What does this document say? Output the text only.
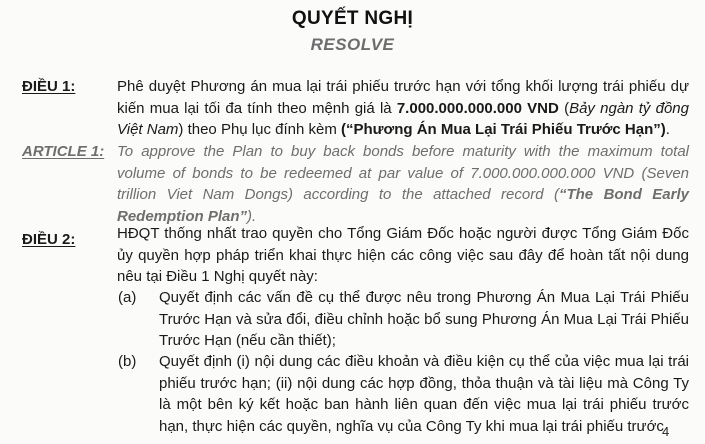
QUYẾT NGHỊ
RESOLVE
ĐIỀU 1:	Phê duyệt Phương án mua lại trái phiếu trước hạn với tổng khối lượng trái phiếu dự kiến mua lại tối đa tính theo mệnh giá là 7.000.000.000.000 VND (Bảy ngàn tỷ đồng Việt Nam) theo Phụ lục đính kèm (“Phương Án Mua Lại Trái Phiếu Trước Hạn”).
ARTICLE 1: To approve the Plan to buy back bonds before maturity with the maximum total volume of bonds to be redeemed at par value of 7.000.000.000.000 VND (Seven trillion Viet Nam Dongs) according to the attached record (“The Bond Early Redemption Plan”).
ĐIỀU 2:	HĐQT thống nhất trao quyền cho Tổng Giám Đốc hoặc người được Tổng Giám Đốc ủy quyền hợp pháp triển khai thực hiện các công việc sau đây để hoàn tất nội dung nêu tại Điều 1 Nghị quyết này:
(a) Quyết định các vấn đề cụ thể được nêu trong Phương Án Mua Lại Trái Phiếu Trước Hạn và sửa đổi, điều chỉnh hoặc bổ sung Phương Án Mua Lại Trái Phiếu Trước Hạn (nếu cần thiết);
(b) Quyết định (i) nội dung các điều khoản và điều kiện cụ thể của việc mua lại trái phiếu trước hạn; (ii) nội dung các hợp đồng, thỏa thuận và tài liệu mà Công Ty là một bên ký kết hoặc ban hành liên quan đến việc mua lại trái phiếu trước hạn, thực hiện các quyền, nghĩa vụ của Công Ty khi mua lại trái phiếu trước
4
